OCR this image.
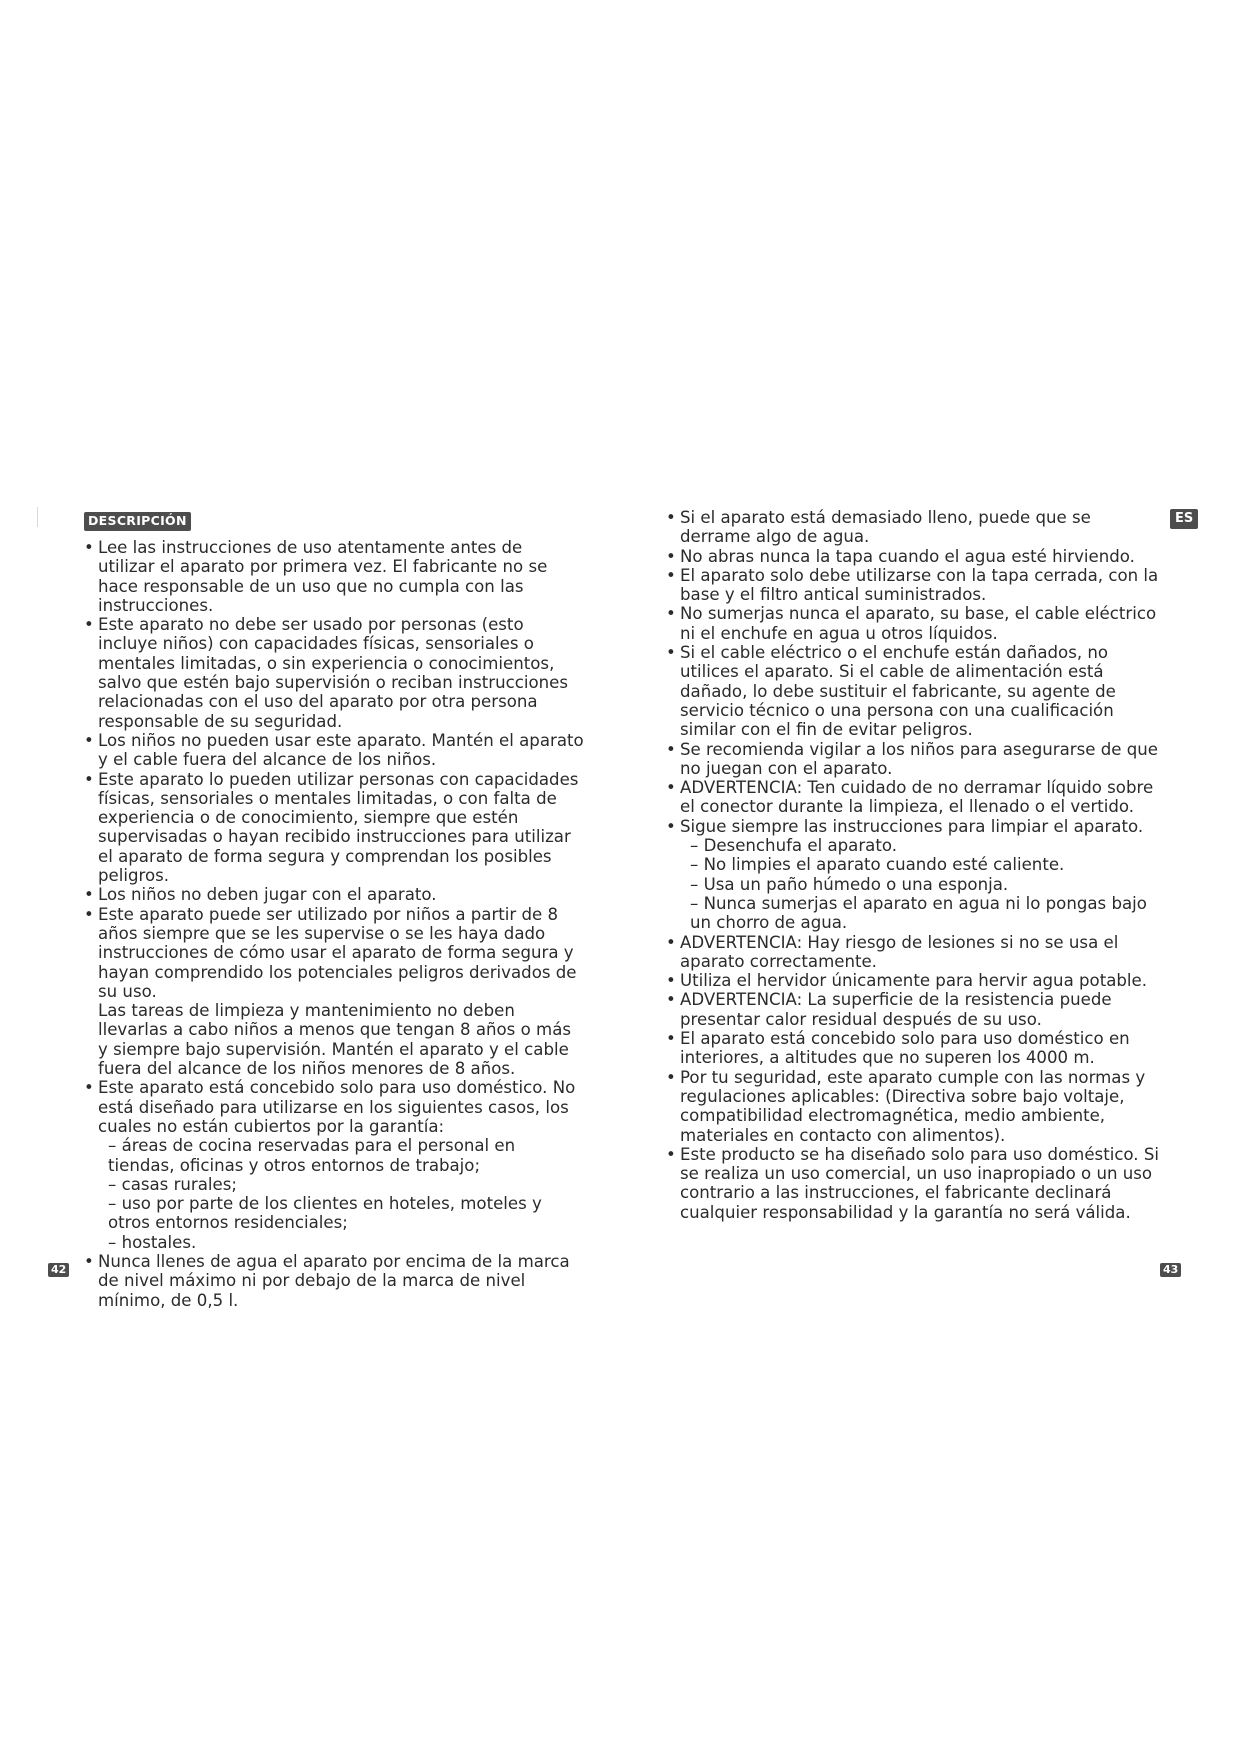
DESCRIPCIÓN	ES
• Lee las instrucciones de uso atentamente antes de utilizar el aparato por primera vez. El fabricante no se hace responsable de un uso que no cumpla con las instrucciones.
• Este aparato no debe ser usado por personas (esto incluye niños) con capacidades físicas, sensoriales o mentales limitadas, o sin experiencia o conocimientos, salvo que estén bajo supervisión o reciban instrucciones relacionadas con el uso del aparato por otra persona responsable de su seguridad.
• Los niños no pueden usar este aparato. Mantén el aparato y el cable fuera del alcance de los niños.
• Este aparato lo pueden utilizar personas con capacidades físicas, sensoriales o mentales limitadas, o con falta de experiencia o de conocimiento, siempre que estén supervisadas o hayan recibido instrucciones para utilizar el aparato de forma segura y comprendan los posibles peligros.
• Los niños no deben jugar con el aparato.
• Este aparato puede ser utilizado por niños a partir de 8 años siempre que se les supervise o se les haya dado instrucciones de cómo usar el aparato de forma segura y hayan comprendido los potenciales peligros derivados de su uso.
Las tareas de limpieza y mantenimiento no deben llevarlas a cabo niños a menos que tengan 8 años o más y siempre bajo supervisión. Mantén el aparato y el cable fuera del alcance de los niños menores de 8 años.
• Este aparato está concebido solo para uso doméstico. No está diseñado para utilizarse en los siguientes casos, los cuales no están cubiertos por la garantía:
– áreas de cocina reservadas para el personal en tiendas, oficinas y otros entornos de trabajo;
– casas rurales;
– uso por parte de los clientes en hoteles, moteles y otros entornos residenciales;
– hostales.
• Nunca llenes de agua el aparato por encima de la marca de nivel máximo ni por debajo de la marca de nivel mínimo, de 0,5 l.
• Si el aparato está demasiado lleno, puede que se derrame algo de agua.
• No abras nunca la tapa cuando el agua esté hirviendo.
• El aparato solo debe utilizarse con la tapa cerrada, con la base y el filtro antical suministrados.
• No sumerjas nunca el aparato, su base, el cable eléctrico ni el enchufe en agua u otros líquidos.
• Si el cable eléctrico o el enchufe están dañados, no utilices el aparato. Si el cable de alimentación está dañado, lo debe sustituir el fabricante, su agente de servicio técnico o una persona con una cualificación similar con el fin de evitar peligros.
• Se recomienda vigilar a los niños para asegurarse de que no juegan con el aparato.
• ADVERTENCIA: Ten cuidado de no derramar líquido sobre el conector durante la limpieza, el llenado o el vertido.
• Sigue siempre las instrucciones para limpiar el aparato.
– Desenchufa el aparato.
– No limpies el aparato cuando esté caliente.
– Usa un paño húmedo o una esponja.
– Nunca sumerjas el aparato en agua ni lo pongas bajo un chorro de agua.
• ADVERTENCIA: Hay riesgo de lesiones si no se usa el aparato correctamente.
• Utiliza el hervidor únicamente para hervir agua potable.
• ADVERTENCIA: La superficie de la resistencia puede presentar calor residual después de su uso.
• El aparato está concebido solo para uso doméstico en interiores, a altitudes que no superen los 4000 m.
• Por tu seguridad, este aparato cumple con las normas y regulaciones aplicables: (Directiva sobre bajo voltaje, compatibilidad electromagnética, medio ambiente, materiales en contacto con alimentos).
• Este producto se ha diseñado solo para uso doméstico. Si se realiza un uso comercial, un uso inapropiado o un uso contrario a las instrucciones, el fabricante declinará cualquier responsabilidad y la garantía no será válida.
42	43
